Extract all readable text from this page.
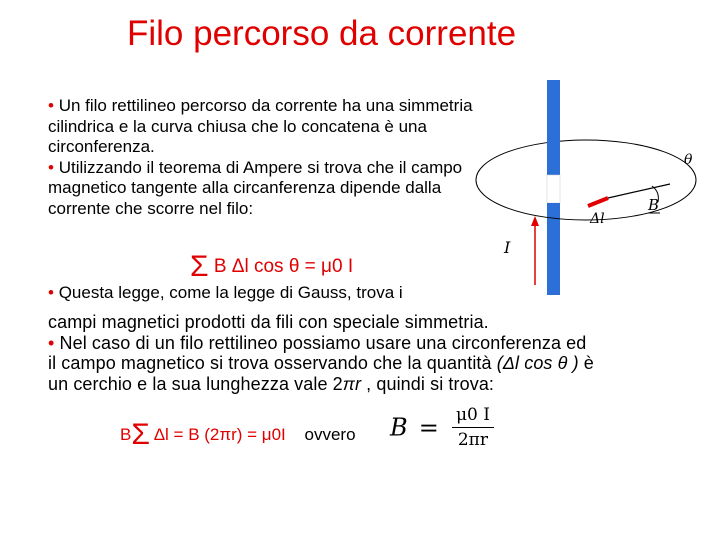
Filo percorso da corrente

• Un filo rettilineo percorso da corrente ha una simmetria cilindrica e la curva chiusa che lo concatena è una circonferenza.
• Utilizzando il teorema di Ampere si trova che il campo magnetico tangente alla circanferenza dipende dalla corrente che scorre nel filo:

Σ B Δl cos θ = μ0 I
• Questa legge, come la legge di Gauss, trova i
campi magnetici prodotti da fili con speciale simmetria.
• Nel caso di un filo rettilineo possiamo usare una circonferenza ed
il campo magnetico si trova osservando che la quantità (Δl cos θ ) è
un cerchio e la sua lunghezza vale 2πr , quindi si trova:
BΣ Δl = B (2πr) = μ0I ovvero $B = \frac{\mu 0 I}{2\pi r}$
θ
Δl
B
I
